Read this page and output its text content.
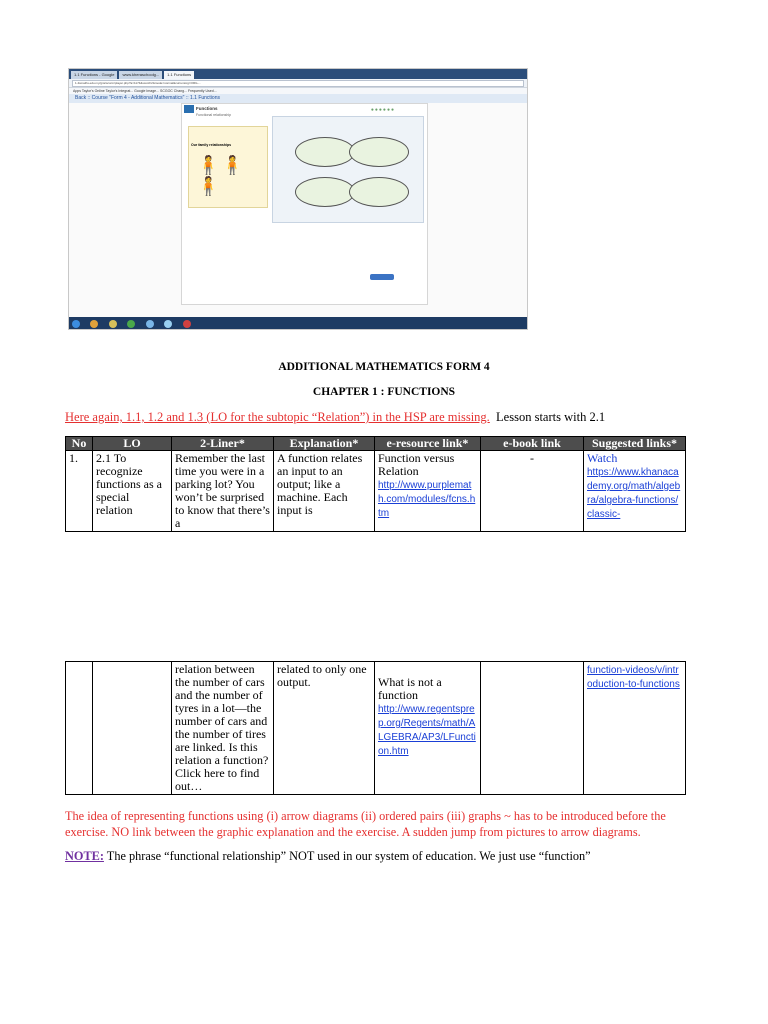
1.1 Functions - Google	www.kheraschoolg...	1.1 Functions
1.4smaths.edu.my/gns/scorm/player.php?a=1174&scoid=2&mode=normal&currentorg=ORG-...
Apps Taylor's Online Taylor's Integrat... Google Image... SCGOC Chang... Frequently Used...
Back :: Course "Form 4 - Additional Mathematics" :: 1.1 Functions
Functions
Functional relationship
●●●●●●
Our family relationships
🧍🧍🧍

ADDITIONAL MATHEMATICS FORM 4
CHAPTER 1 : FUNCTIONS
Here again, 1.1, 1.2 and 1.3 (LO for the subtopic “Relation”) in the HSP are missing. Lesson starts with 2.1
No	LO	2-Liner*	Explanation*	e-resource link*	e-book link	Suggested links*
1.	2.1 To recognize functions as a special relation	Remember the last time you were in a parking lot? You won’t be surprised to know that there’s a	A function relates an input to an output; like a machine. Each input is	Function versus Relation
http://www.purplemath.com/modules/fcns.htm	-	Watch
https://www.khanacademy.org/math/algebra/algebra-functions/classic-
		relation between the number of cars and the number of tyres in a lot—the number of cars and the number of tires are linked. Is this relation a function? Click here to find out…	related to only one output.	What is not a function
http://www.regentsprep.org/Regents/math/ALGEBRA/AP3/LFunction.htm		function-videos/v/introduction-to-functions
The idea of representing functions using (i) arrow diagrams (ii) ordered pairs (iii) graphs ~ has to be introduced before the exercise. NO link between the graphic explanation and the exercise. A sudden jump from pictures to arrow diagrams.
NOTE: The phrase “functional relationship” NOT used in our system of education. We just use “function”
